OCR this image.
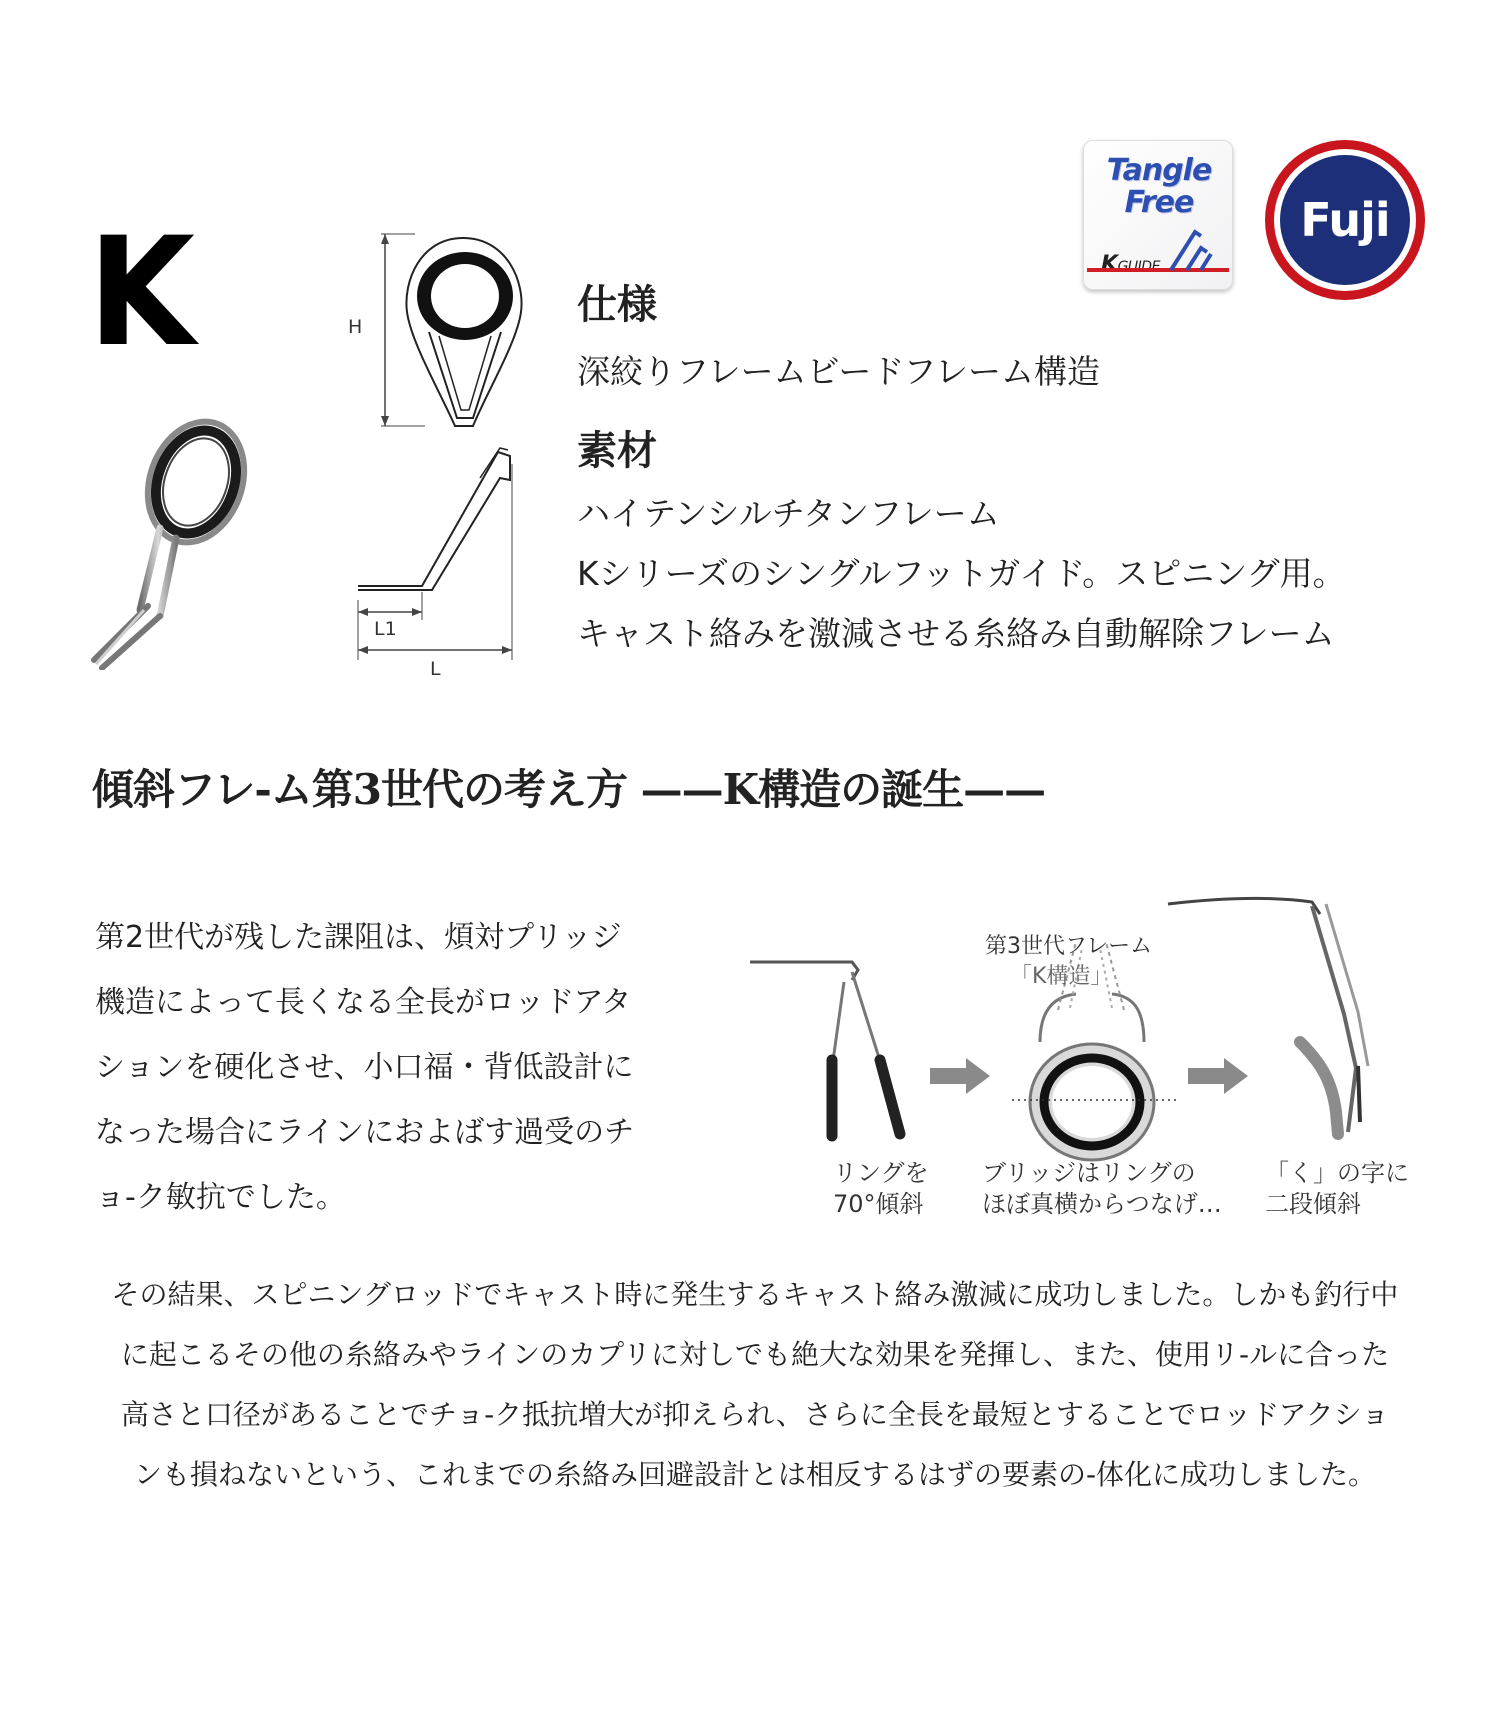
Tangle
Free
KGUIDE
Fuji
K	H
L1
L
仕様
深絞りフレームビードフレーム構造
素材
ハイテンシルチタンフレーム
Kシリーズのシングルフットガイド。スピニング用。
キャスト絡みを激減させる糸絡み自動解除フレーム
傾斜フレ-ム第3世代の考え方 ——K構造の誕生——
第2世代が残した課阻は、煩対プリッジ
機造によって長くなる全長がロッドアタ
ションを硬化させ、小口福・背低設計に
なった場合にラインにおよばす過受のチ
ョ-ク敏抗でした。
第3世代フレーム
「K構造」
リングを
70°傾斜
ブリッジはリングの
ほぼ真横からつなげ…
「く」の字に
二段傾斜
その結果、スピニングロッドでキャスト時に発生するキャスト絡み激減に成功しました。しかも釣行中
に起こるその他の糸絡みやラインのカプリに対しでも絶大な効果を発揮し、また、使用リ-ルに合った
高さと口径があることでチョ-ク抵抗増大が抑えられ、さらに全長を最短とすることでロッドアクショ
ンも損ねないという、これまでの糸絡み回避設計とは相反するはずの要素の-体化に成功しました。
